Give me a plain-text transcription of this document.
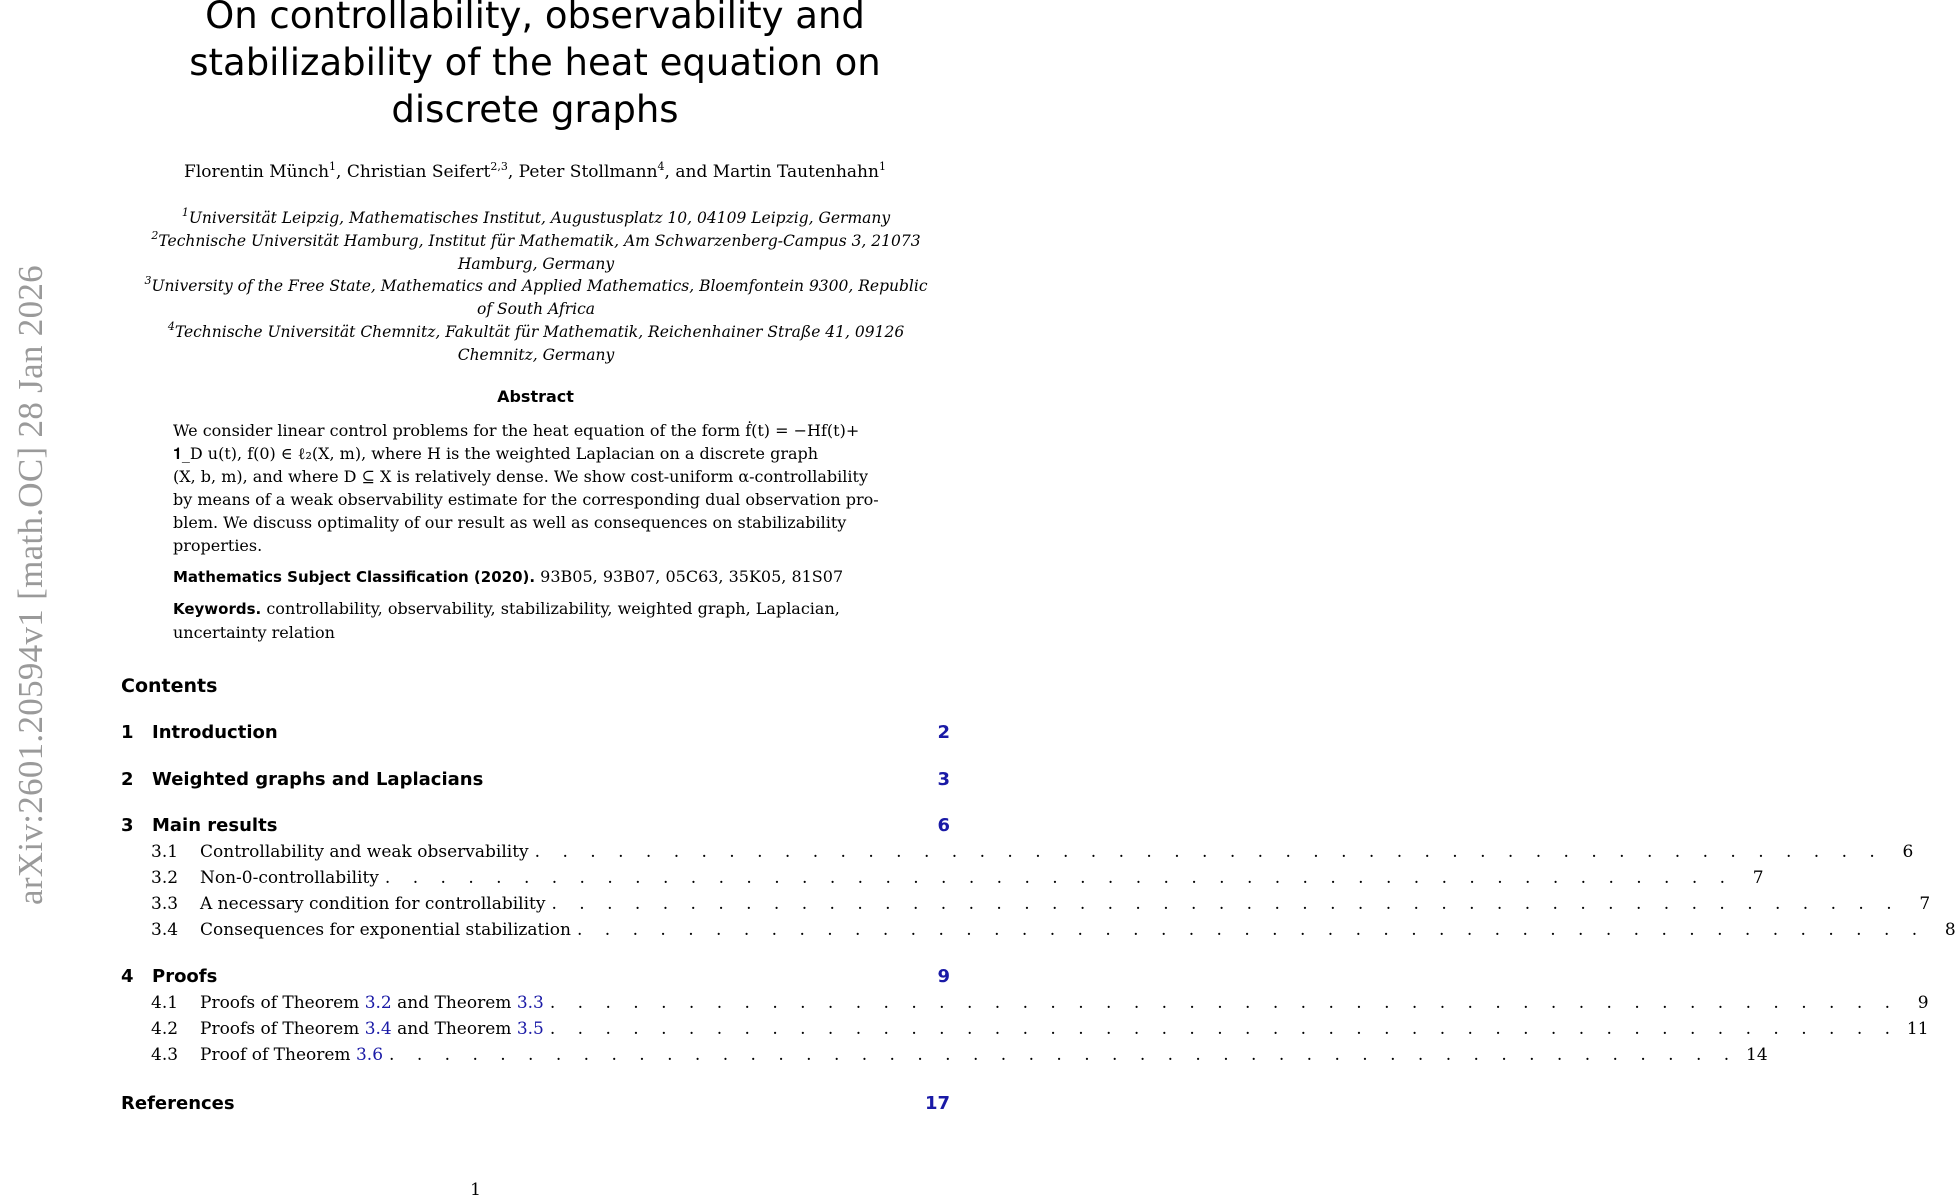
arXiv:2601.20594v1 [math.OC] 28 Jan 2026
On controllability, observability and
stabilizability of the heat equation on
discrete graphs
Florentin Münch$^1$, Christian Seifert$^{2,3}$, Peter Stollmann$^4$, and Martin Tautenhahn$^1$
$^1$Universität Leipzig, Mathematisches Institut, Augustusplatz 10, 04109 Leipzig, Germany
$^2$Technische Universität Hamburg, Institut für Mathematik, Am Schwarzenberg-Campus 3, 21073
Hamburg, Germany
$^3$University of the Free State, Mathematics and Applied Mathematics, Bloemfontein 9300, Republic
of South Africa
$^4$Technische Universität Chemnitz, Fakultät für Mathematik, Reichenhainer Straße 41, 09126
Chemnitz, Germany
Abstract
We consider linear control problems for the heat equation of the form ḟ(t) = −Hf(t)+
𝟏_D u(t), f(0) ∈ ℓ₂(X, m), where H is the weighted Laplacian on a discrete graph
(X, b, m), and where D ⊆ X is relatively dense. We show cost-uniform α-controllability
by means of a weak observability estimate for the corresponding dual observation pro-
blem. We discuss optimality of our result as well as consequences on stabilizability
properties.
Mathematics Subject Classification (2020). 93B05, 93B07, 05C63, 35K05, 81S07
Keywords. controllability, observability, stabilizability, weighted graph, Laplacian, uncertainty relation
Contents
1 Introduction	2
2 Weighted graphs and Laplacians	3
3 Main results	6
3.1 Controllability and weak observability . . . . . . . . . . . . . . . . . . . . . . . . . . . . . . . . . . . . . . . . . . . . . . . . .	6
3.2 Non-0-controllability . . . . . . . . . . . . . . . . . . . . . . . . . . . . . . . . . . . . . . . . . . . . . . . . .	7
3.3 A necessary condition for controllability . . . . . . . . . . . . . . . . . . . . . . . . . . . . . . . . . . . . . . . . . . . . . . . . .	7
3.4 Consequences for exponential stabilization . . . . . . . . . . . . . . . . . . . . . . . . . . . . . . . . . . . . . . . . . . . . . . . . .	8
4 Proofs	9
4.1 Proofs of Theorem 3.2 and Theorem 3.3 . . . . . . . . . . . . . . . . . . . . . . . . . . . . . . . . . . . . . . . . . . . . . . . . .	9
4.2 Proofs of Theorem 3.4 and Theorem 3.5 . . . . . . . . . . . . . . . . . . . . . . . . . . . . . . . . . . . . . . . . . . . . . . . . . 11
4.3 Proof of Theorem 3.6 . . . . . . . . . . . . . . . . . . . . . . . . . . . . . . . . . . . . . . . . . . . . . . . . . 14
References	17
1
